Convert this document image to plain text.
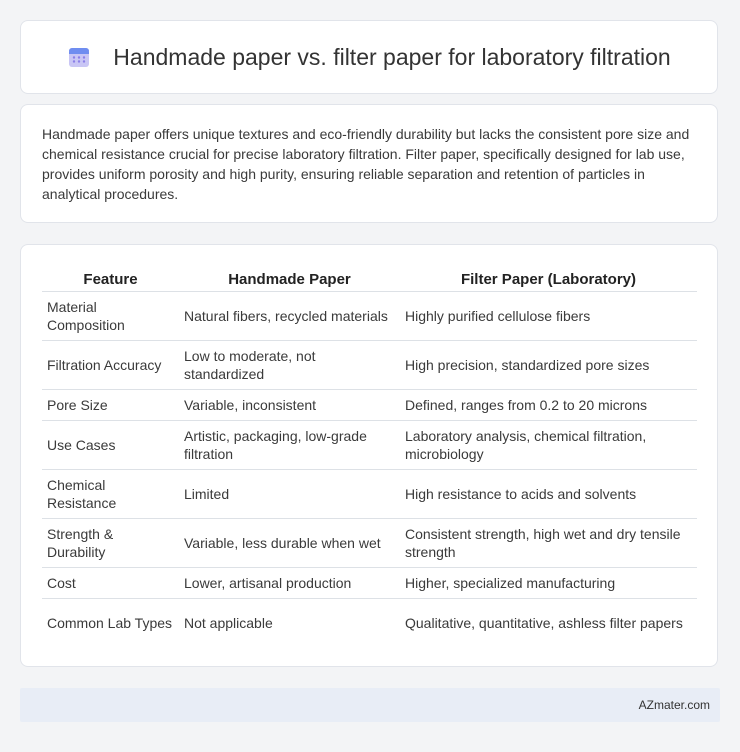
Handmade paper vs. filter paper for laboratory filtration

Handmade paper offers unique textures and eco-friendly durability but lacks the consistent pore size and chemical resistance crucial for precise laboratory filtration. Filter paper, specifically designed for lab use, provides uniform porosity and high purity, ensuring reliable separation and retention of particles in analytical procedures.

Feature	Handmade Paper	Filter Paper (Laboratory)
Material Composition	Natural fibers, recycled materials	Highly purified cellulose fibers
Filtration Accuracy	Low to moderate, not standardized	High precision, standardized pore sizes
Pore Size	Variable, inconsistent	Defined, ranges from 0.2 to 20 microns
Use Cases	Artistic, packaging, low-grade filtration	Laboratory analysis, chemical filtration, microbiology
Chemical Resistance	Limited	High resistance to acids and solvents
Strength & Durability	Variable, less durable when wet	Consistent strength, high wet and dry tensile strength
Cost	Lower, artisanal production	Higher, specialized manufacturing
Common Lab Types	Not applicable	Qualitative, quantitative, ashless filter papers
AZmater.com
